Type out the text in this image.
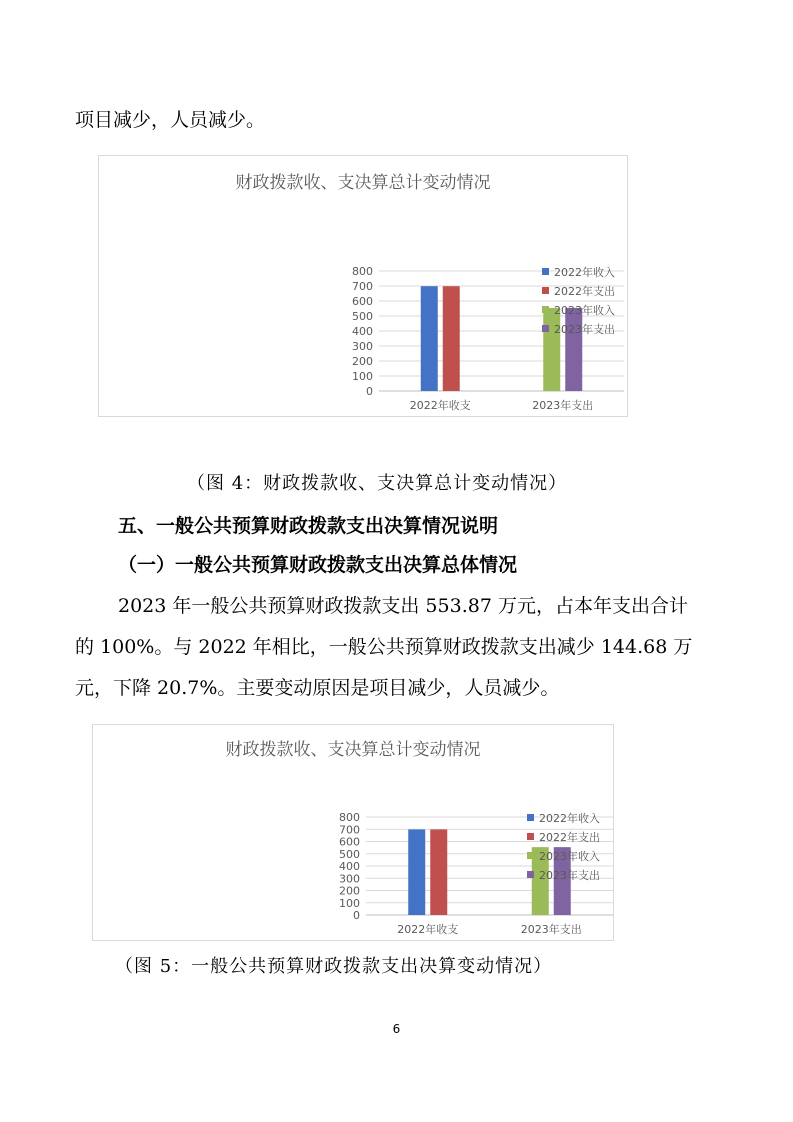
项目减少，人员减少。
财政拨款收、支决算总计变动情况
0
100
200
300
400
500
600
700
800
2022年收支	2023年支出
2022年收入
2022年支出
2023年收入
2023年支出
（图 4：财政拨款收、支决算总计变动情况）
五、一般公共预算财政拨款支出决算情况说明
（一）一般公共预算财政拨款支出决算总体情况
2023 年一般公共预算财政拨款支出 553.87 万元，占本年支出合计
的 100%。与 2022 年相比，一般公共预算财政拨款支出减少 144.68 万
元，下降 20.7%。主要变动原因是项目减少，人员减少。
财政拨款收、支决算总计变动情况
0
100
200
300
400
500
600
700
800
2022年收支	2023年支出
2022年收入
2022年支出
2023年收入
2023年支出
（图 5：一般公共预算财政拨款支出决算变动情况）
6
